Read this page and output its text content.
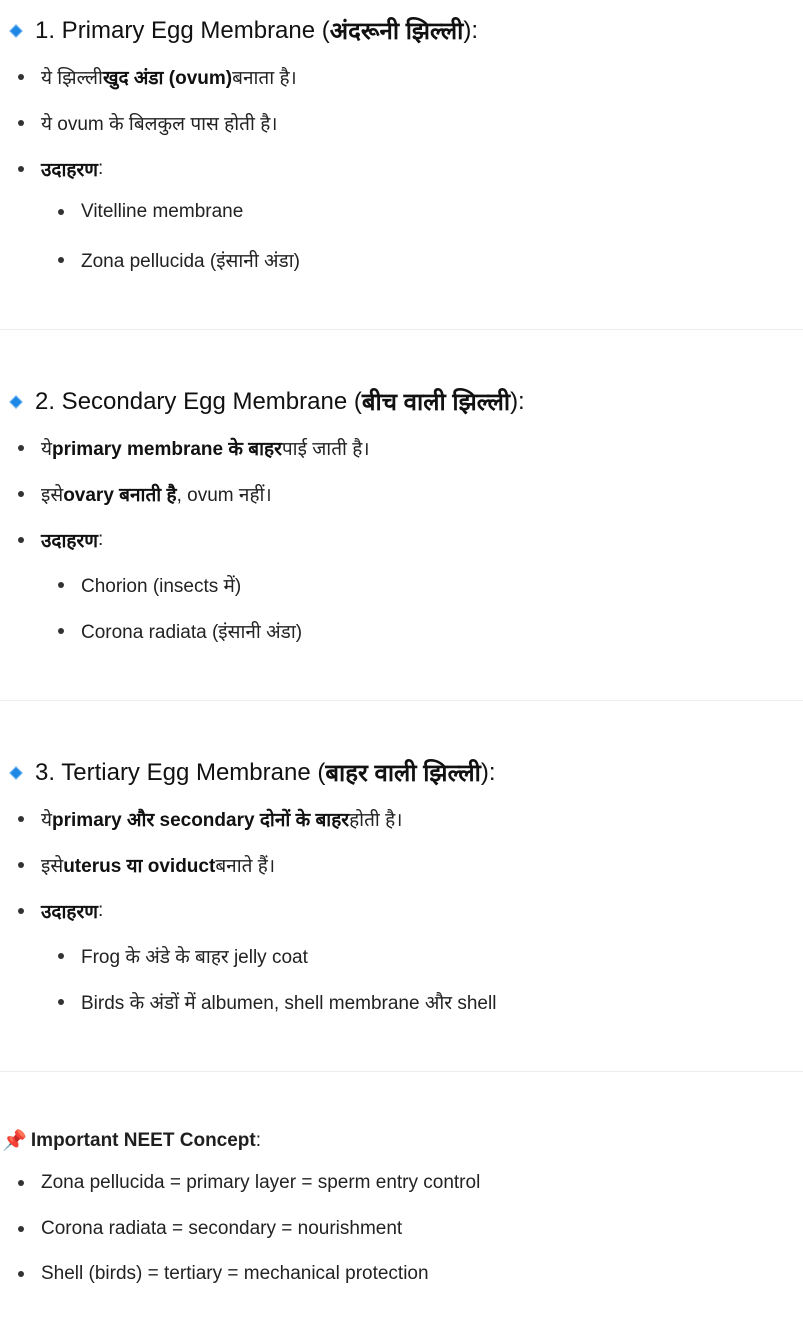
1. Primary Egg Membrane ( अंदरूनी झिल्ली ):
ये झिल्ली खुद अंडा (ovum) बनाता है।
ये ovum के बिलकुल पास होती है।
उदाहरण :
Vitelline membrane
Zona pellucida (इंसानी अंडा)
2. Secondary Egg Membrane ( बीच वाली झिल्ली ):
ये primary membrane के बाहर पाई जाती है।
इसे ovary बनाती है , ovum नहीं।
उदाहरण :
Chorion (insects में)
Corona radiata (इंसानी अंडा)
3. Tertiary Egg Membrane ( बाहर वाली झिल्ली ):
ये primary और secondary दोनों के बाहर होती है।
इसे uterus या oviduct बनाते हैं।
उदाहरण :
Frog के अंडे के बाहर jelly coat
Birds के अंडों में albumen, shell membrane और shell
📌 Important NEET Concept :
Zona pellucida = primary layer = sperm entry control
Corona radiata = secondary = nourishment
Shell (birds) = tertiary = mechanical protection
